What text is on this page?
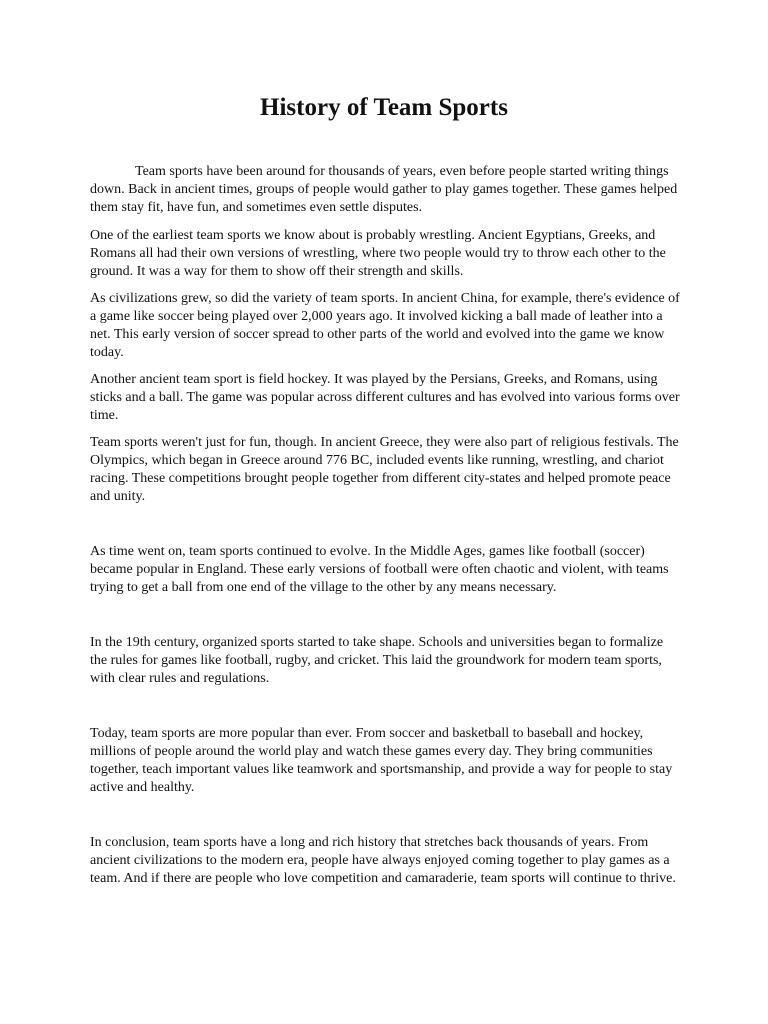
History of Team Sports

Team sports have been around for thousands of years, even before people started writing things down. Back in ancient times, groups of people would gather to play games together. These games helped them stay fit, have fun, and sometimes even settle disputes.

One of the earliest team sports we know about is probably wrestling. Ancient Egyptians, Greeks, and Romans all had their own versions of wrestling, where two people would try to throw each other to the ground. It was a way for them to show off their strength and skills.

As civilizations grew, so did the variety of team sports. In ancient China, for example, there's evidence of a game like soccer being played over 2,000 years ago. It involved kicking a ball made of leather into a net. This early version of soccer spread to other parts of the world and evolved into the game we know today.

Another ancient team sport is field hockey. It was played by the Persians, Greeks, and Romans, using sticks and a ball. The game was popular across different cultures and has evolved into various forms over time.

Team sports weren't just for fun, though. In ancient Greece, they were also part of religious festivals. The Olympics, which began in Greece around 776 BC, included events like running, wrestling, and chariot racing. These competitions brought people together from different city-states and helped promote peace and unity.

As time went on, team sports continued to evolve. In the Middle Ages, games like football (soccer) became popular in England. These early versions of football were often chaotic and violent, with teams trying to get a ball from one end of the village to the other by any means necessary.

In the 19th century, organized sports started to take shape. Schools and universities began to formalize the rules for games like football, rugby, and cricket. This laid the groundwork for modern team sports, with clear rules and regulations.

Today, team sports are more popular than ever. From soccer and basketball to baseball and hockey, millions of people around the world play and watch these games every day. They bring communities together, teach important values like teamwork and sportsmanship, and provide a way for people to stay active and healthy.

In conclusion, team sports have a long and rich history that stretches back thousands of years. From ancient civilizations to the modern era, people have always enjoyed coming together to play games as a team. And if there are people who love competition and camaraderie, team sports will continue to thrive.
